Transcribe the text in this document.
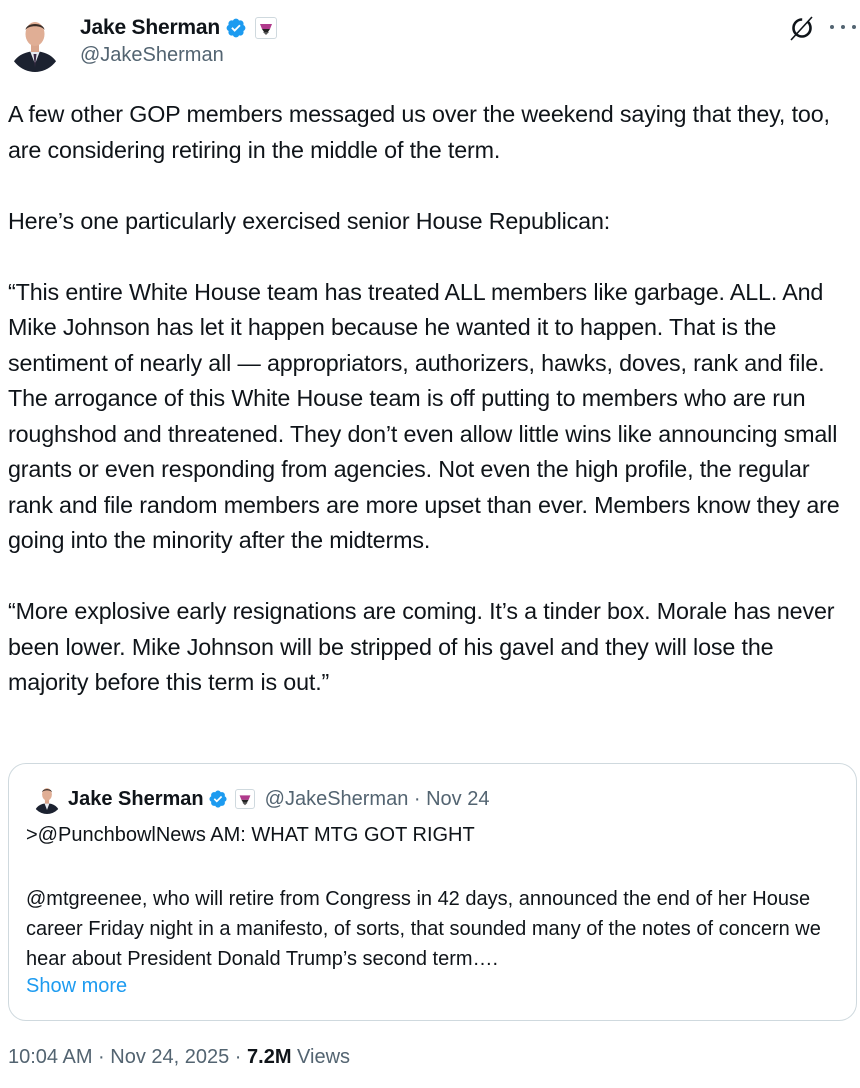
Jake Sherman
@JakeSherman

A few other GOP members messaged us over the weekend saying that they, too, are considering retiring in the middle of the term.

Here’s one particularly exercised senior House Republican:

“This entire White House team has treated ALL members like garbage. ALL. And Mike Johnson has let it happen because he wanted it to happen. That is the sentiment of nearly all — appropriators, authorizers, hawks, doves, rank and file. The arrogance of this White House team is off putting to members who are run roughshod and threatened. They don’t even allow little wins like announcing small grants or even responding from agencies. Not even the high profile, the regular rank and file random members are more upset than ever. Members know they are going into the minority after the midterms.

“More explosive early resignations are coming. It’s a tinder box. Morale has never been lower. Mike Johnson will be stripped of his gavel and they will lose the majority before this term is out.”

Jake Sherman	@JakeSherman · Nov 24
>@PunchbowlNews AM: WHAT MTG GOT RIGHT
@mtgreenee, who will retire from Congress in 42 days, announced the end of her House career Friday night in a manifesto, of sorts, that sounded many of the notes of concern we hear about President Donald Trump’s second term….
Show more
10:04 AM · Nov 24, 2025 · 7.2M Views
